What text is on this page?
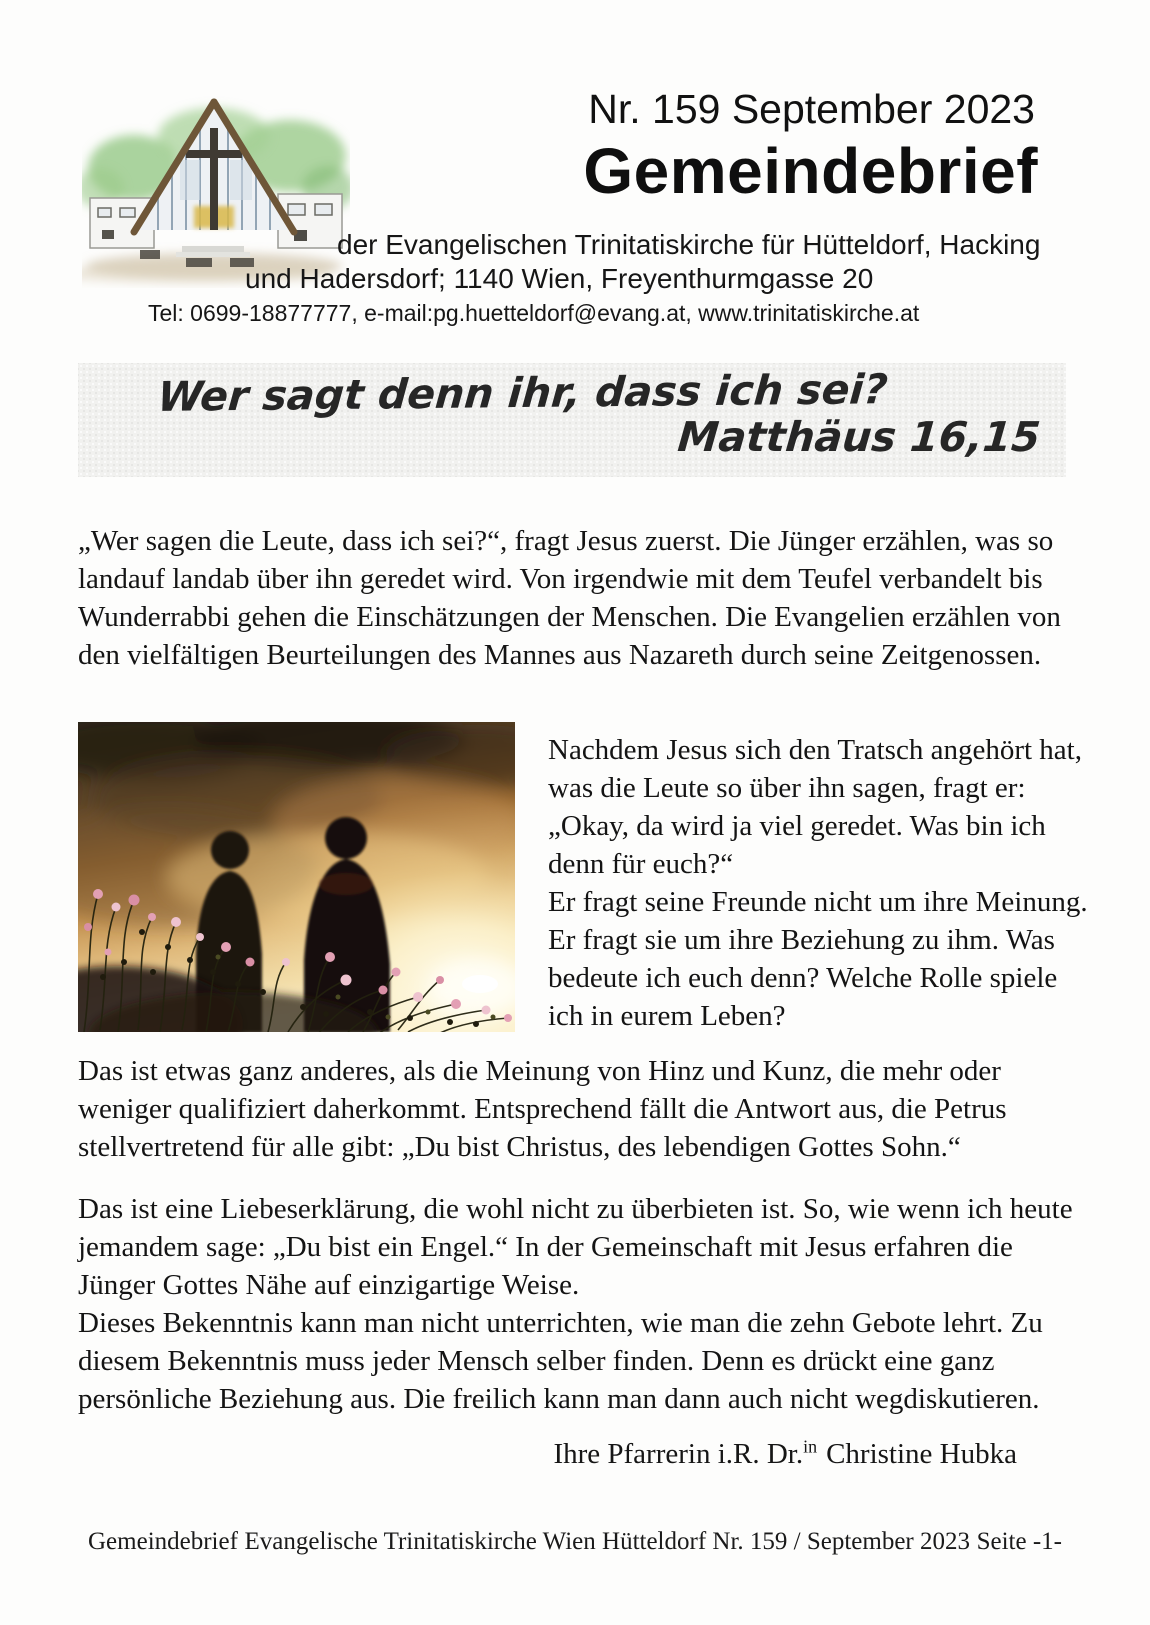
Nr. 159 September 2023
Gemeindebrief
der Evangelischen Trinitatiskirche für Hütteldorf, Hacking
und Hadersdorf; 1140 Wien, Freyenthurmgasse 20
Tel: 0699-18877777, e-mail:pg.huetteldorf@evang.at, www.trinitatiskirche.at
Wer sagt denn ihr, dass ich sei?
Matthäus 16,15
„Wer sagen die Leute, dass ich sei?“, fragt Jesus zuerst. Die Jünger erzählen, was so landauf landab über ihn geredet wird. Von irgendwie mit dem Teufel verbandelt bis Wunderrabbi gehen die Einschätzungen der Menschen. Die Evangelien erzählen von den vielfältigen Beurteilungen des Mannes aus Nazareth durch seine Zeitgenossen.
Nachdem Jesus sich den Tratsch angehört hat, was die Leute so über ihn sagen, fragt er: „Okay, da wird ja viel geredet. Was bin ich denn für euch?“
Er fragt seine Freunde nicht um ihre Meinung. Er fragt sie um ihre Beziehung zu ihm. Was bedeute ich euch denn? Welche Rolle spiele ich in eurem Leben?
Das ist etwas ganz anderes, als die Meinung von Hinz und Kunz, die mehr oder weniger qualifiziert daherkommt. Entsprechend fällt die Antwort aus, die Petrus stellvertretend für alle gibt: „Du bist Christus, des lebendigen Gottes Sohn.“
Das ist eine Liebeserklärung, die wohl nicht zu überbieten ist. So, wie wenn ich heute jemandem sage: „Du bist ein Engel.“ In der Gemeinschaft mit Jesus erfahren die Jünger Gottes Nähe auf einzigartige Weise.
Dieses Bekenntnis kann man nicht unterrichten, wie man die zehn Gebote lehrt. Zu diesem Bekenntnis muss jeder Mensch selber finden. Denn es drückt eine ganz persönliche Beziehung aus. Die freilich kann man dann auch nicht wegdiskutieren.
Ihre Pfarrerin i.R. Dr.$^{in}$ Christine Hubka
Gemeindebrief Evangelische Trinitatiskirche Wien Hütteldorf Nr. 159 / September 2023 Seite -1-
